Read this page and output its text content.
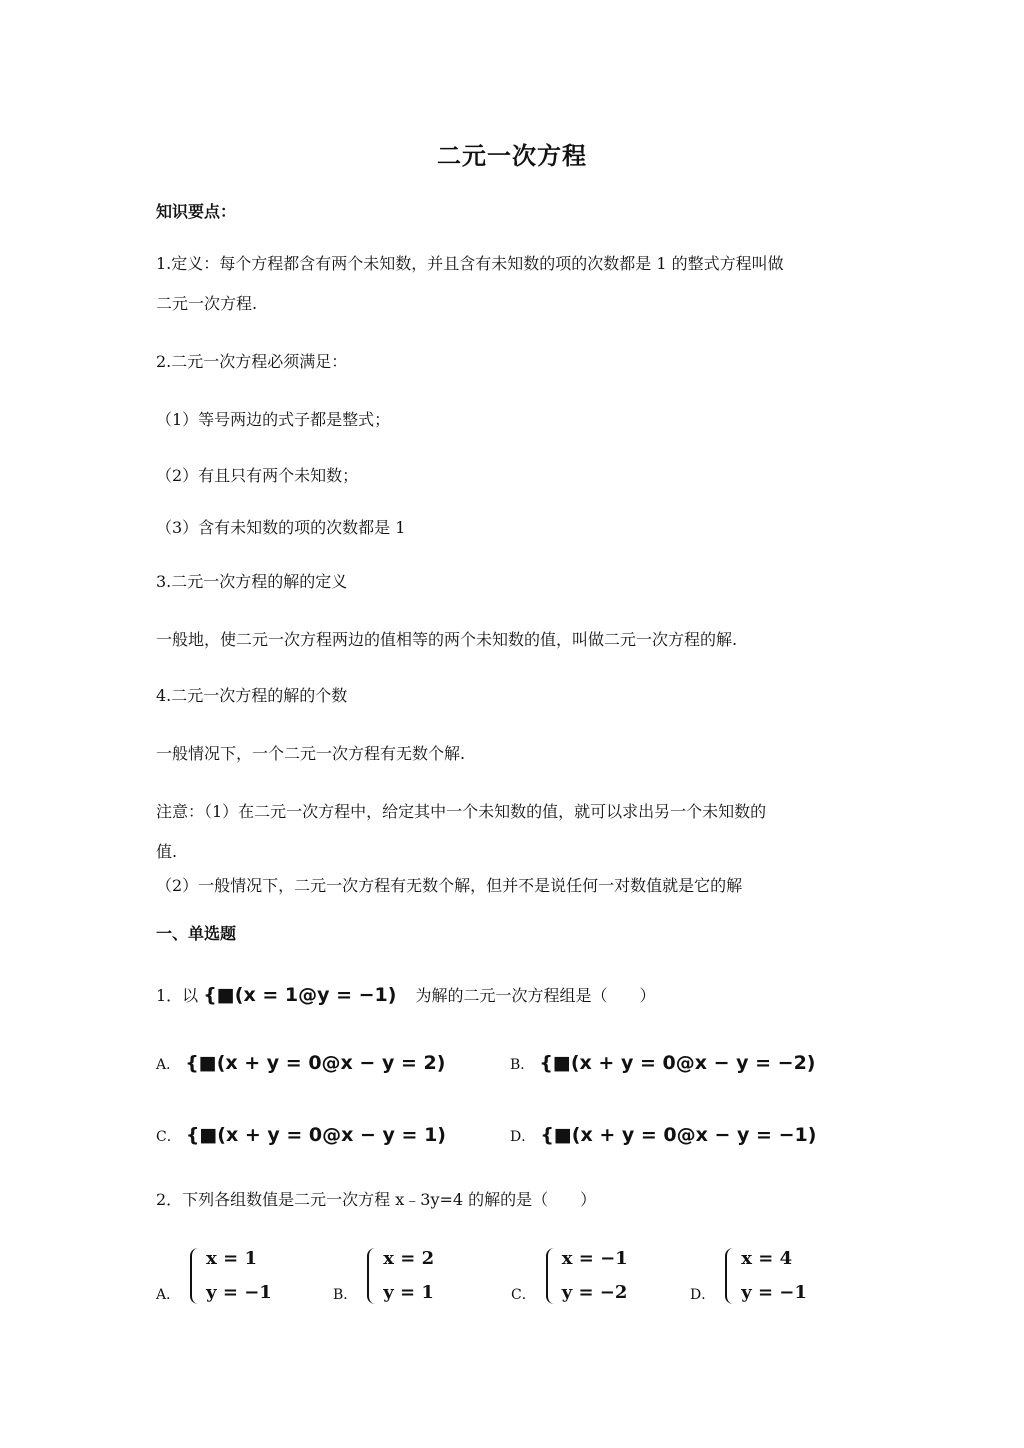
二元一次方程
知识要点：
1.定义：每个方程都含有两个未知数，并且含有未知数的项的次数都是 1 的整式方程叫做
二元一次方程.
2.二元一次方程必须满足：
（1）等号两边的式子都是整式；
（2）有且只有两个未知数；
（3）含有未知数的项的次数都是 1
3.二元一次方程的解的定义
一般地，使二元一次方程两边的值相等的两个未知数的值，叫做二元一次方程的解.
4.二元一次方程的解的个数
一般情况下，一个二元一次方程有无数个解.
注意：（1）在二元一次方程中，给定其中一个未知数的值，就可以求出另一个未知数的
值.
（2）一般情况下，二元一次方程有无数个解，但并不是说任何一对数值就是它的解
一、单选题
1．以 {■(x = 1@y = −1) 为解的二元一次方程组是（　　）
A． {■(x + y = 0@x − y = 2)	B． {■(x + y = 0@x − y = −2)
C． {■(x + y = 0@x − y = 1)	D． {■(x + y = 0@x − y = −1)
2．下列各组数值是二元一次方程 x﹣3y=4 的解的是（　　）
A．
x = 1
y = −1	B．
x = 2
y = 1	C．
x = −1
y = −2	D．
x = 4
y = −1
